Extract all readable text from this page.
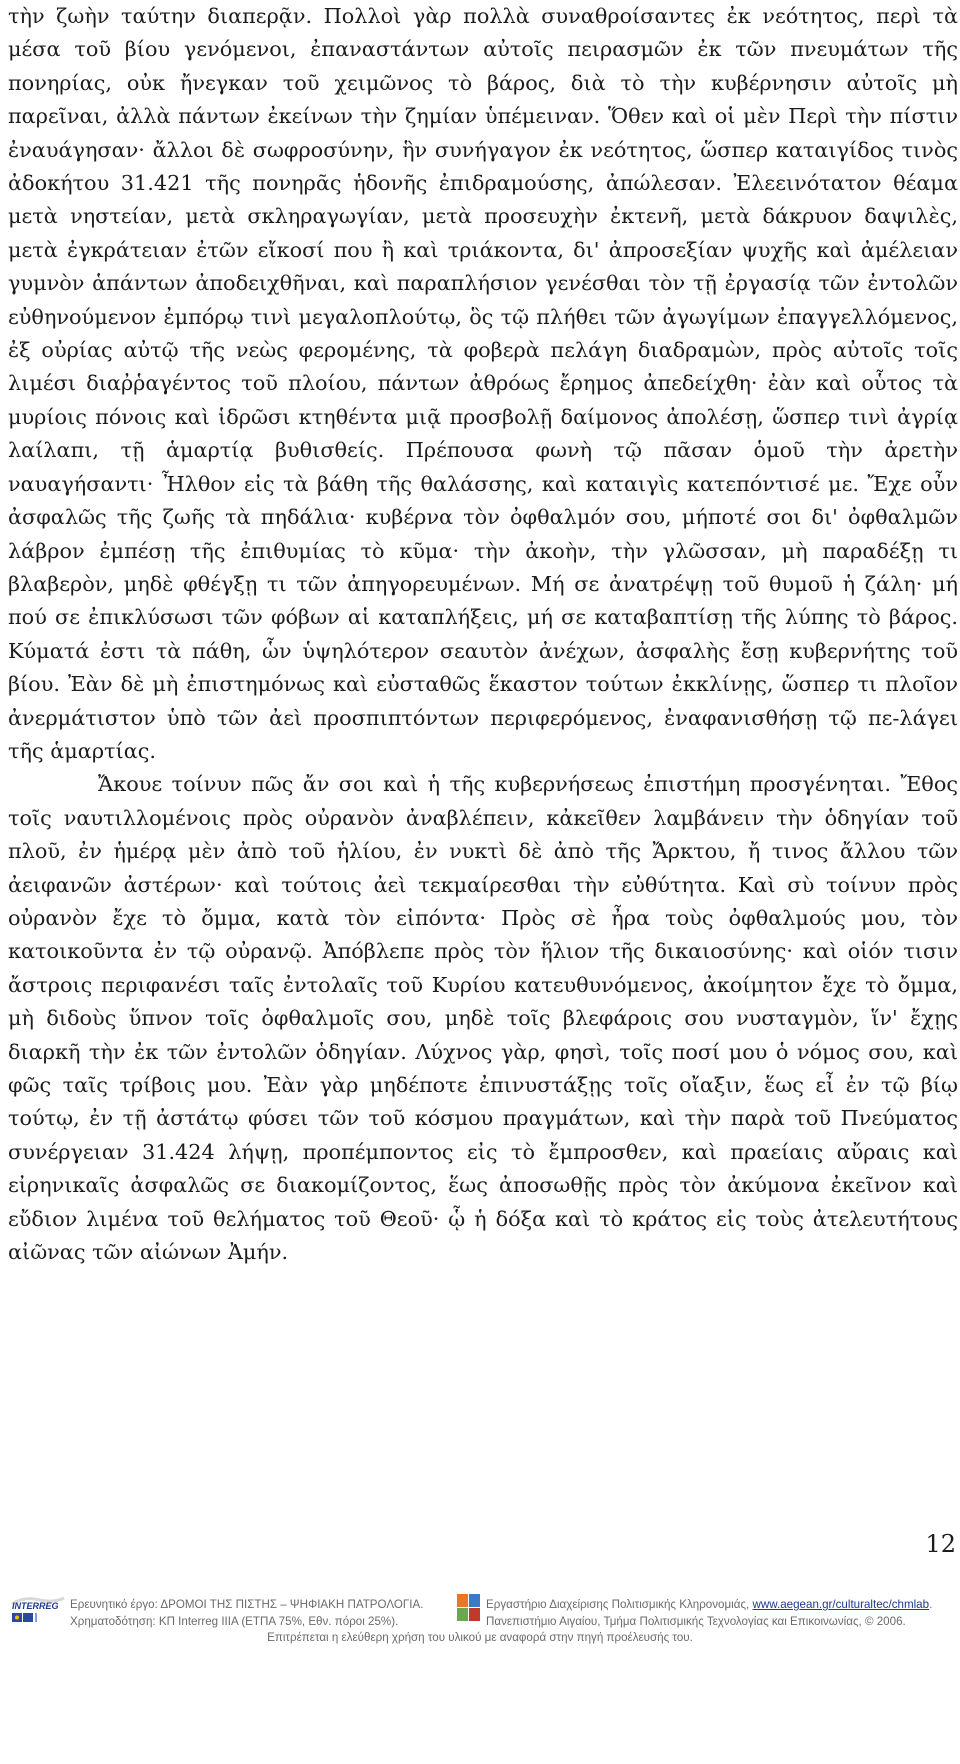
τὴν ζωὴν ταύτην διαπερᾷν. Πολλοὶ γὰρ πολλὰ συναθροίσαντες ἐκ νεότητος, περὶ τὰ μέσα τοῦ βίου γενόμενοι, ἐπαναστάντων αὐτοῖς πειρασμῶν ἐκ τῶν πνευμάτων τῆς πονηρίας, οὐκ ἤνεγκαν τοῦ χειμῶνος τὸ βάρος, διὰ τὸ τὴν κυβέρνησιν αὐτοῖς μὴ παρεῖναι, ἀλλὰ πάντων ἐκείνων τὴν ζημίαν ὑπέμειναν. Ὅθεν καὶ οἱ μὲν Περὶ τὴν πίστιν ἐναυάγησαν· ἄλλοι δὲ σωφροσύνην, ἣν συνήγαγον ἐκ νεότητος, ὥσπερ καταιγίδος τινὸς ἀδοκήτου 31.421 τῆς πονηρᾶς ἡδονῆς ἐπιδραμούσης, ἀπώλεσαν. Ἐλεεινότατον θέαμα μετὰ νηστείαν, μετὰ σκληραγωγίαν, μετὰ προσευχὴν ἐκτενῆ, μετὰ δάκρυον δαψιλὲς, μετὰ ἐγκράτειαν ἐτῶν εἴκοσί που ἢ καὶ τριάκοντα, δι' ἀπροσεξίαν ψυχῆς καὶ ἀμέλειαν γυμνὸν ἁπάντων ἀποδειχθῆναι, καὶ παραπλήσιον γενέσθαι τὸν τῇ ἐργασίᾳ τῶν ἐντολῶν εὐθηνούμενον ἐμπόρῳ τινὶ μεγαλοπλούτῳ, ὃς τῷ πλήθει τῶν ἀγωγίμων ἐπαγγελλόμενος, ἐξ οὐρίας αὐτῷ τῆς νεὼς φερομένης, τὰ φοβερὰ πελάγη διαδραμὼν, πρὸς αὐτοῖς τοῖς λιμέσι διαῤῥαγέντος τοῦ πλοίου, πάντων ἀθρόως ἔρημος ἀπεδείχθη· ἐὰν καὶ οὗτος τὰ μυρίοις πόνοις καὶ ἱδρῶσι κτηθέντα μιᾷ προσβολῇ δαίμονος ἀπολέσῃ, ὥσπερ τινὶ ἀγρίᾳ λαίλαπι, τῇ ἁμαρτίᾳ βυθισθείς. Πρέπουσα φωνὴ τῷ πᾶσαν ὁμοῦ τὴν ἀρετὴν ναυαγήσαντι· Ἦλθον εἰς τὰ βάθη τῆς θαλάσσης, καὶ καταιγὶς κατεπόντισέ με. Ἔχε οὖν ἀσφαλῶς τῆς ζωῆς τὰ πηδάλια· κυβέρνα τὸν ὀφθαλμόν σου, μήποτέ σοι δι' ὀφθαλμῶν λάβρον ἐμπέσῃ τῆς ἐπιθυμίας τὸ κῦμα· τὴν ἀκοὴν, τὴν γλῶσσαν, μὴ παραδέξῃ τι βλαβερὸν, μηδὲ φθέγξῃ τι τῶν ἀπηγορευμένων. Μή σε ἀνατρέψῃ τοῦ θυμοῦ ἡ ζάλη· μή πού σε ἐπικλύσωσι τῶν φόβων αἱ καταπλήξεις, μή σε καταβαπτίσῃ τῆς λύπης τὸ βάρος. Κύματά ἐστι τὰ πάθη, ὧν ὑψηλότερον σεαυτὸν ἀνέχων, ἀσφαλὴς ἔσῃ κυβερνήτης τοῦ βίου. Ἐὰν δὲ μὴ ἐπιστημόνως καὶ εὐσταθῶς ἕκαστον τούτων ἐκκλίνῃς, ὥσπερ τι πλοῖον ἀνερμάτιστον ὑπὸ τῶν ἀεὶ προσπιπτόντων περιφερόμενος, ἐναφανισθήσῃ τῷ πε-λάγει τῆς ἁμαρτίας.

Ἄκουε τοίνυν πῶς ἄν σοι καὶ ἡ τῆς κυβερνήσεως ἐπιστήμη προσγένηται. Ἔθος τοῖς ναυτιλλομένοις πρὸς οὐρανὸν ἀναβλέπειν, κἀκεῖθεν λαμβάνειν τὴν ὁδηγίαν τοῦ πλοῦ, ἐν ἡμέρᾳ μὲν ἀπὸ τοῦ ἡλίου, ἐν νυκτὶ δὲ ἀπὸ τῆς Ἄρκτου, ἤ τινος ἄλλου τῶν ἀειφανῶν ἀστέρων· καὶ τούτοις ἀεὶ τεκμαίρεσθαι τὴν εὐθύτητα. Καὶ σὺ τοίνυν πρὸς οὐρανὸν ἔχε τὸ ὄμμα, κατὰ τὸν εἰπόντα· Πρὸς σὲ ἦρα τοὺς ὀφθαλμούς μου, τὸν κατοικοῦντα ἐν τῷ οὐρανῷ. Ἀπόβλεπε πρὸς τὸν ἥλιον τῆς δικαιοσύνης· καὶ οἱόν τισιν ἄστροις περιφανέσι ταῖς ἐντολαῖς τοῦ Κυρίου κατευθυνόμενος, ἀκοίμητον ἔχε τὸ ὄμμα, μὴ διδοὺς ὕπνον τοῖς ὀφθαλμοῖς σου, μηδὲ τοῖς βλεφάροις σου νυσταγμὸν, ἵν' ἔχῃς διαρκῆ τὴν ἐκ τῶν ἐντολῶν ὁδηγίαν. Λύχνος γὰρ, φησὶ, τοῖς ποσί μου ὁ νόμος σου, καὶ φῶς ταῖς τρίβοις μου. Ἐὰν γὰρ μηδέποτε ἐπινυστάξῃς τοῖς οἴαξιν, ἕως εἶ ἐν τῷ βίῳ τούτῳ, ἐν τῇ ἀστάτῳ φύσει τῶν τοῦ κόσμου πραγμάτων, καὶ τὴν παρὰ τοῦ Πνεύματος συνέργειαν 31.424 λήψῃ, προπέμποντος εἰς τὸ ἔμπροσθεν, καὶ πραείαις αὔραις καὶ εἰρηνικαῖς ἀσφαλῶς σε διακομίζοντος, ἕως ἀποσωθῇς πρὸς τὸν ἀκύμονα ἐκεῖνον καὶ εὔδιον λιμένα τοῦ θελήματος τοῦ Θεοῦ· ᾧ ἡ δόξα καὶ τὸ κράτος εἰς τοὺς ἀτελευτήτους αἰῶνας τῶν αἰώνων Ἀμήν.

12
INTERREG Ερευνητικό έργο: ΔΡΟΜΟΙ ΤΗΣ ΠΙΣΤΗΣ – ΨΗΦΙΑΚΗ ΠΑΤΡΟΛΟΓΙΑ.
Χρηματοδότηση: ΚΠ Interreg IIIA (ΕΤΠΑ 75%, Εθν. πόροι 25%).
Εργαστήριο Διαχείρισης Πολιτισμικής Κληρονομιάς, www.aegean.gr/culturaltec/chmlab.
Πανεπιστήμιο Αιγαίου, Τμήμα Πολιτισμικής Τεχνολογίας και Επικοινωνίας, © 2006.
Επιτρέπεται η ελεύθερη χρήση του υλικού με αναφορά στην πηγή προέλευσής του.
